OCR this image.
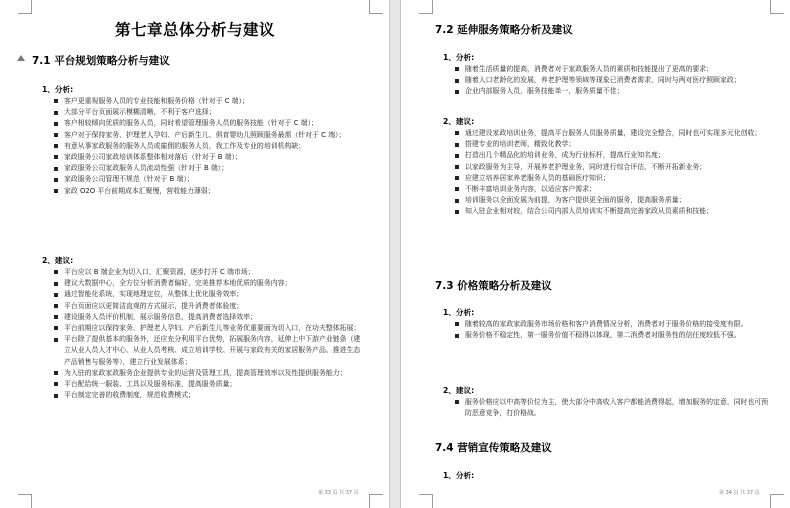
第七章总体分析与建议
7.1 平台规划策略分析与建议
1、分析:
客户更重视服务人员的专业技能和服务价格（针对于 C 端）；
大部分平台页面展示模糊清晰，不利于客户选择；
客户相较倾向优质的服务人员，同时希望管理服务人员的服务技能（针对于 C 端）；
客户对于保持家务、护理老人孕妇、产后新生儿、俱育婴幼儿照顾服务最需（针对于 C 端）；
有意从事家政服务的服务人员或雇佣的服务人员，我工作及专业的培训机构缺；
家政服务公司家政培训体系整体相对落后（针对于 B 端）；
家政服务公司家政服务人员流动性强（针对于 B 端）；
家政服务公司管理不规范（针对于 B 端）；
家政 O2O 平台前期成本汇聚慢，营收能力薄弱；
2、建议:
平台应以 B 端企业为切入口，汇聚资源，逐步打开 C 端市场；
建议大数据中心，全方位分析消费者偏好，完美推荐本地优质的服务内容；
通过智能化系统，实现地理定位，从整体上优化服务效率；
平台页面应以更简洁直观的方式展示，提升消费者体验度；
建设服务人员评价机制，展示服务信息，提高消费者选择效率；
平台前期应以保持家务、护理老人孕妇、产后新生儿等业务优重要面为切入口，在功夫整体拓展；
平台除了提供基本的服务外，还应充分利用平台优势，拓展服务内容，延伸上中下游产业链条（建立从业人员人才中心、从业人员考核、成立培训学校、开展与家政有关的家居服务产品、推进生态产品销售与服务等），建立行业发展体系；
为入驻的家政家政服务企业提供专业的运营及管理工具，提高管理效率以及性提供服务能力；
平台配给统一服装、工具以及服务标准，提高服务质量；
平台制定完善的收费制度，规范收费模式；
第 33 页 共 37 页
7.2 延伸服务策略分析及建议
1、分析:
随着生活质量的提高，消费者对于家政服务人员的素质和技能提出了更高的要求；
随着人口老龄化的发展，养老护理等领域等现象已消费者需求，同时与两对医疗照顾家政；
企业内部服务人员，服务技能单一，服务质量不佳；
2、建议:
通过建设家政培训业务，提高平台服务人员服务质量，建设完全整合，同时也可实现多元化创收；
搭建专业的培训老师，精致化教学；
打造出几个精品化的培训业务，成为行业标杆，提高行业知名度；
以家政服务为主导，开展养老护理业务，同时进行综合评估，不断开拓新业务；
应建立培养居家养老服务人员的基础医疗知识；
不断丰富培训业务内容，以适应客户需求；
培训服务以全面发展为前提，为客户提供更全面的服务，提高服务质量；
知入驻企业相对较，结合公司内部人员培训实不断提高完善家政从员素质和技能；
7.3 价格策略分析及建议
1、分析:
随着较高的家政家政服务市场价格和客户消费情况分析，消费者对于服务价格的接受度有限。
服务价格不稳定性，第一服务价值不稳得以体现，第二消费者对服务性的信任度较低不强。
2、建议:
服务价格应以中高等价位为主，使大部分中高收入客户都能消费得起，增加服务的定意，同时也可预防恶意竞争，打价格战。
7.4 营销宣传策略及建议
1、分析:
第 34 页 共 37 页
